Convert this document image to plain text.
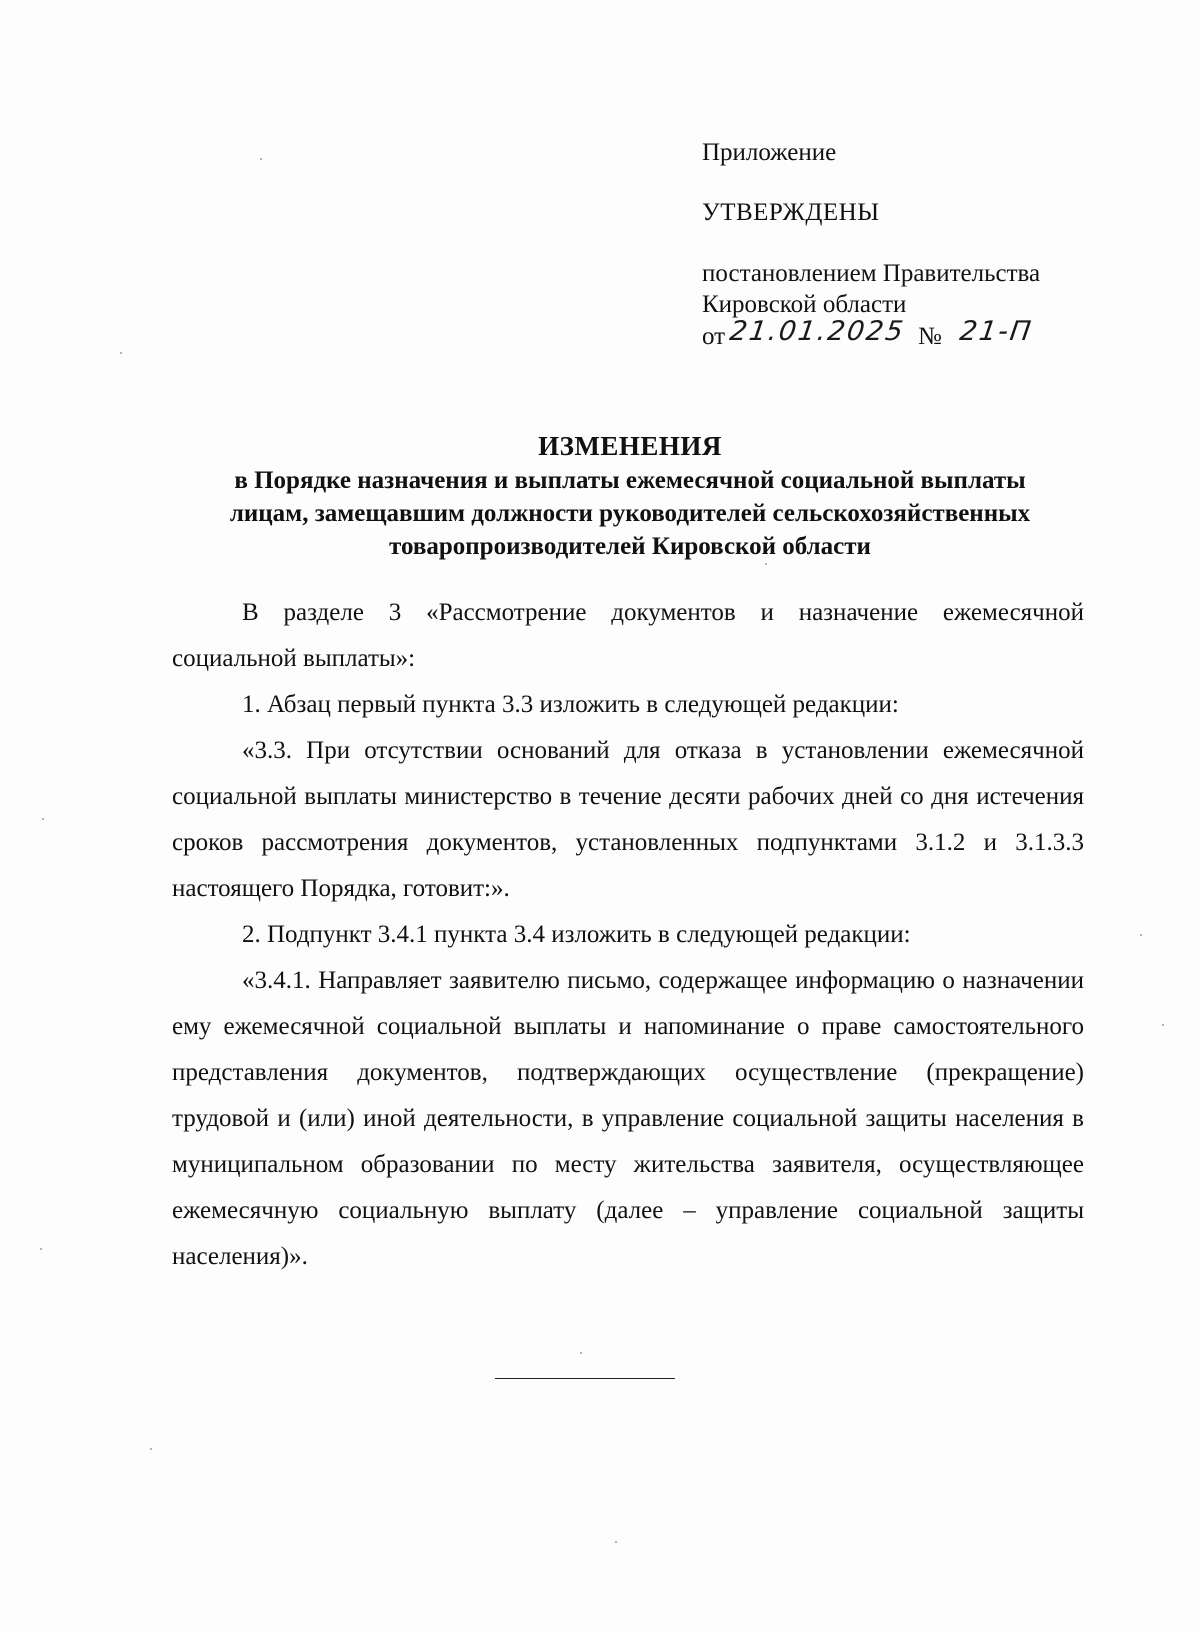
Приложение
УТВЕРЖДЕНЫ
постановлением Правительства
Кировской области
от 21.01.2025 № 21-П
ИЗМЕНЕНИЯ
в Порядке назначения и выплаты ежемесячной социальной выплаты
лицам, замещавшим должности руководителей сельскохозяйственных
товаропроизводителей Кировской области

В разделе 3 «Рассмотрение документов и назначение ежемесячной социальной выплаты»:

1. Абзац первый пункта 3.3 изложить в следующей редакции:

«3.3. При отсутствии оснований для отказа в установлении ежемесячной социальной выплаты министерство в течение десяти рабочих дней со дня истечения сроков рассмотрения документов, установленных подпунктами 3.1.2 и 3.1.3.3 настоящего Порядка, готовит:».

2. Подпункт 3.4.1 пункта 3.4 изложить в следующей редакции:

«3.4.1. Направляет заявителю письмо, содержащее информацию о назначении ему ежемесячной социальной выплаты и напоминание о праве самостоятельного представления документов, подтверждающих осуществление (прекращение) трудовой и (или) иной деятельности, в управление социальной защиты населения в муниципальном образовании по месту жительства заявителя, осуществляющее ежемесячную социальную выплату (далее – управление социальной защиты населения)».
